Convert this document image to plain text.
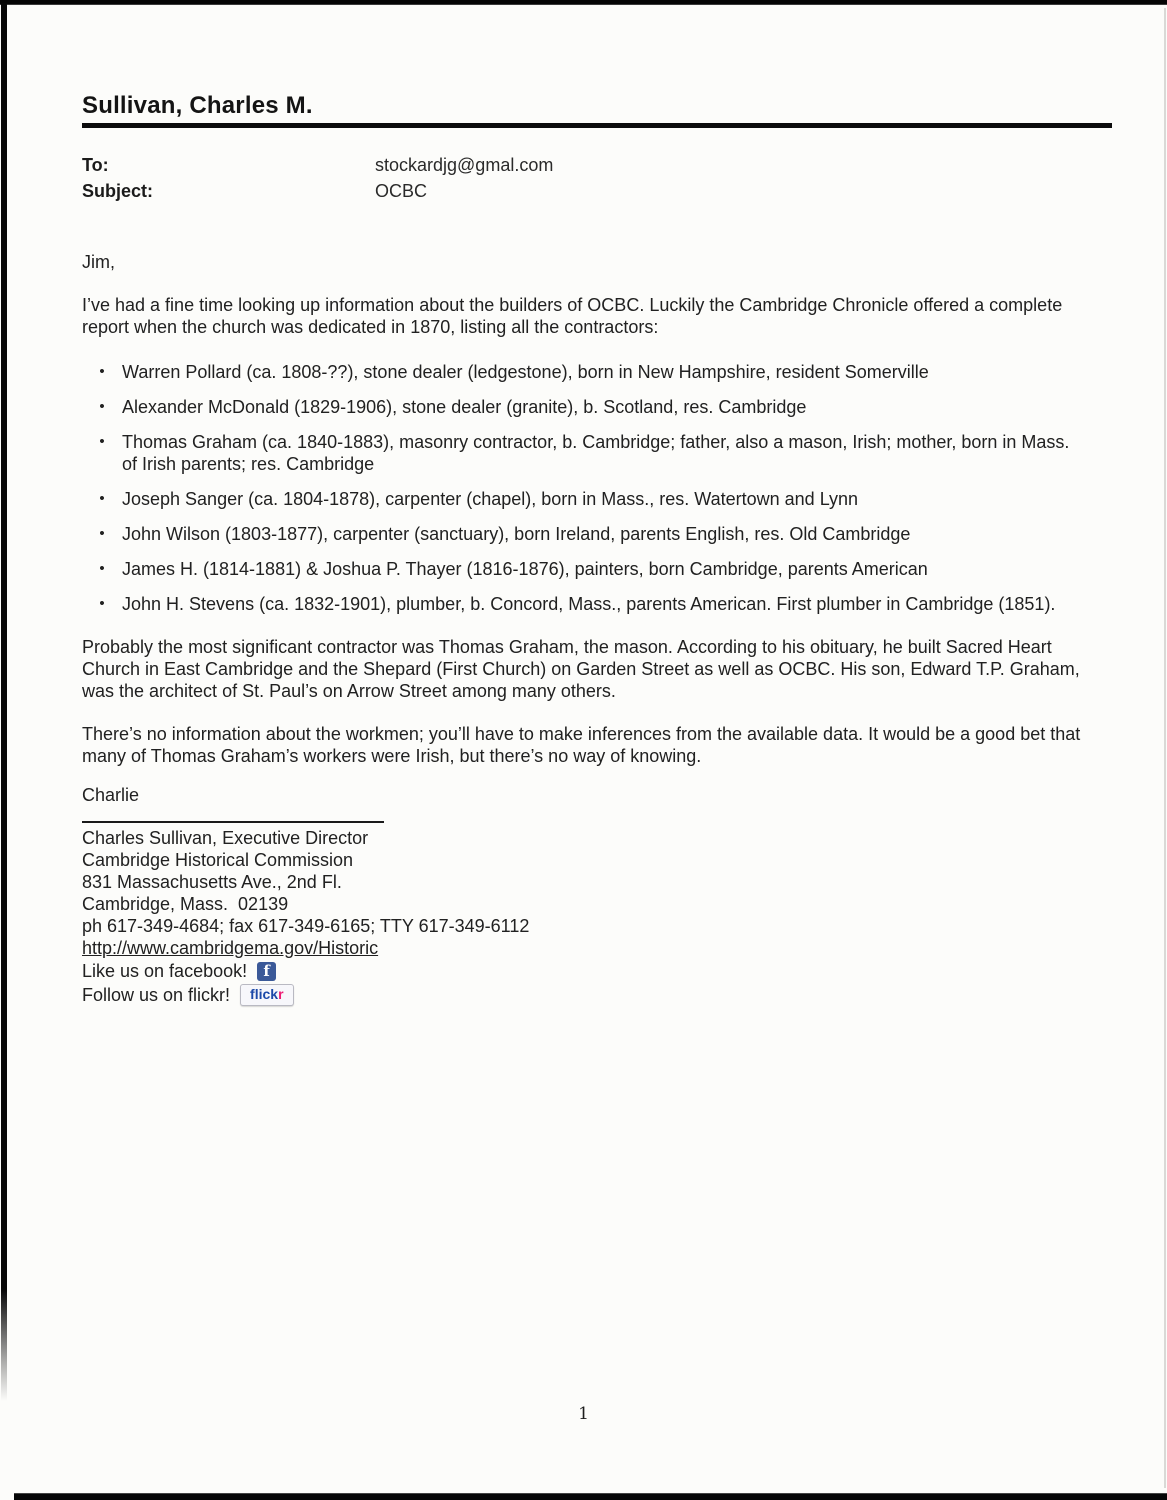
Sullivan, Charles M.
To:	stockardjg@gmal.com
Subject:	OCBC
Jim,
I’ve had a fine time looking up information about the builders of OCBC. Luckily the Cambridge Chronicle offered a complete report when the church was dedicated in 1870, listing all the contractors:
• Warren Pollard (ca. 1808-??), stone dealer (ledgestone), born in New Hampshire, resident Somerville
• Alexander McDonald (1829-1906), stone dealer (granite), b. Scotland, res. Cambridge
• Thomas Graham (ca. 1840-1883), masonry contractor, b. Cambridge; father, also a mason, Irish; mother, born in Mass. of Irish parents; res. Cambridge
• Joseph Sanger (ca. 1804-1878), carpenter (chapel), born in Mass., res. Watertown and Lynn
• John Wilson (1803-1877), carpenter (sanctuary), born Ireland, parents English, res. Old Cambridge
• James H. (1814-1881) & Joshua P. Thayer (1816-1876), painters, born Cambridge, parents American
• John H. Stevens (ca. 1832-1901), plumber, b. Concord, Mass., parents American. First plumber in Cambridge (1851).
Probably the most significant contractor was Thomas Graham, the mason. According to his obituary, he built Sacred Heart Church in East Cambridge and the Shepard (First Church) on Garden Street as well as OCBC. His son, Edward T.P. Graham, was the architect of St. Paul’s on Arrow Street among many others.
There’s no information about the workmen; you’ll have to make inferences from the available data. It would be a good bet that many of Thomas Graham’s workers were Irish, but there’s no way of knowing.
Charlie
Charles Sullivan, Executive Director
Cambridge Historical Commission
831 Massachusetts Ave., 2nd Fl.
Cambridge, Mass.  02139
ph 617-349-4684; fax 617-349-6165; TTY 617-349-6112
http://www.cambridgema.gov/Historic
Like us on facebook!	f
Follow us on flickr!	flickr
1
